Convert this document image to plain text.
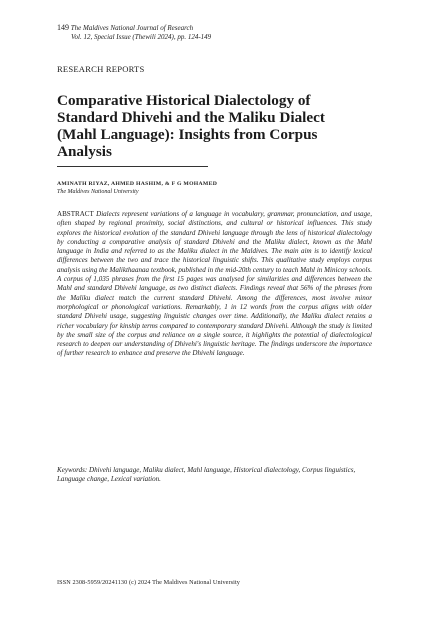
149 The Maldives National Journal of Research
Vol. 12, Special Issue (Thewili 2024), pp. 124-149
RESEARCH REPORTS
Comparative Historical Dialectology of Standard Dhivehi and the Maliku Dialect (Mahl Language): Insights from Corpus Analysis
AMINATH RIYAZ, AHMED HASHIM, & F G MOHAMED
The Maldives National University

ABSTRACT Dialects represent variations of a language in vocabulary, grammar, pronunciation, and usage, often shaped by regional proximity, social distinctions, and cultural or historical influences. This study explores the historical evolution of the standard Dhivehi language through the lens of historical dialectology by conducting a comparative analysis of standard Dhivehi and the Maliku dialect, known as the Mahl language in India and referred to as the Maliku dialect in the Maldives. The main aim is to identify lexical differences between the two and trace the historical linguistic shifts. This qualitative study employs corpus analysis using the Malikthaanaa textbook, published in the mid-20th century to teach Mahl in Minicoy schools. A corpus of 1,035 phrases from the first 15 pages was analysed for similarities and differences between the Mahl and standard Dhivehi language, as two distinct dialects. Findings reveal that 56% of the phrases from the Maliku dialect match the current standard Dhivehi. Among the differences, most involve minor morphological or phonological variations. Remarkably, 1 in 12 words from the corpus aligns with older standard Dhivehi usage, suggesting linguistic changes over time. Additionally, the Maliku dialect retains a richer vocabulary for kinship terms compared to contemporary standard Dhivehi. Although the study is limited by the small size of the corpus and reliance on a single source, it highlights the potential of dialectological research to deepen our understanding of Dhivehi's linguistic heritage. The findings underscore the importance of further research to enhance and preserve the Dhivehi language.

Keywords: Dhivehi language, Maliku dialect, Mahl language, Historical dialectology, Corpus linguistics, Language change, Lexical variation.

ISSN 2308-5959/20241130 (c) 2024 The Maldives National University
